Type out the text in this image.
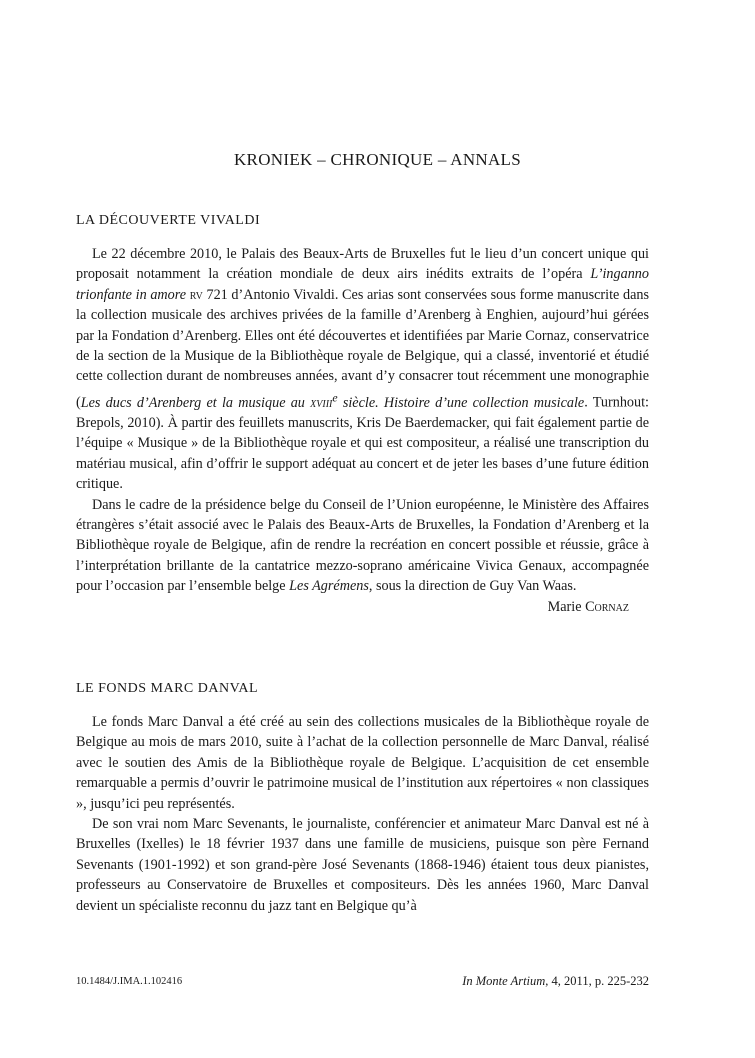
KRONIEK – CHRONIQUE – ANNALS
LA DÉCOUVERTE VIVALDI

Le 22 décembre 2010, le Palais des Beaux-Arts de Bruxelles fut le lieu d’un concert unique qui proposait notamment la création mondiale de deux airs inédits extraits de l’opéra L’inganno trionfante in amore rv 721 d’Antonio Vivaldi. Ces arias sont conservées sous forme manuscrite dans la collection musicale des archives privées de la famille d’Arenberg à Enghien, aujourd’hui gérées par la Fondation d’Arenberg. Elles ont été découvertes et identifiées par Marie Cornaz, conservatrice de la section de la Musique de la Bibliothèque royale de Belgique, qui a classé, inventorié et étudié cette collection durant de nombreuses années, avant d’y consacrer tout récemment une monographie (Les ducs d’Arenberg et la musique au xviii$^e$ siècle. Histoire d’une collection musicale. Turnhout: Brepols, 2010). À partir des feuillets manuscrits, Kris De Baerdemacker, qui fait également partie de l’équipe « Musique » de la Bibliothèque royale et qui est compositeur, a réalisé une transcription du matériau musical, afin d’offrir le support adéquat au concert et de jeter les bases d’une future édition critique.

Dans le cadre de la présidence belge du Conseil de l’Union européenne, le Ministère des Affaires étrangères s’était associé avec le Palais des Beaux-Arts de Bruxelles, la Fondation d’Arenberg et la Bibliothèque royale de Belgique, afin de rendre la recréation en concert possible et réussie, grâce à l’interprétation brillante de la cantatrice mezzo-soprano américaine Vivica Genaux, accompagnée pour l’occasion par l’ensemble belge Les Agrémens, sous la direction de Guy Van Waas.

Marie Cornaz

LE FONDS MARC DANVAL

Le fonds Marc Danval a été créé au sein des collections musicales de la Bibliothèque royale de Belgique au mois de mars 2010, suite à l’achat de la collection personnelle de Marc Danval, réalisé avec le soutien des Amis de la Bibliothèque royale de Belgique. L’acquisition de cet ensemble remarquable a permis d’ouvrir le patrimoine musical de l’institution aux répertoires « non classiques », jusqu’ici peu représentés.

De son vrai nom Marc Sevenants, le journaliste, conférencier et animateur Marc Danval est né à Bruxelles (Ixelles) le 18 février 1937 dans une famille de musiciens, puisque son père Fernand Sevenants (1901-1992) et son grand-père José Sevenants (1868-1946) étaient tous deux pianistes, professeurs au Conservatoire de Bruxelles et compositeurs. Dès les années 1960, Marc Danval devient un spécialiste reconnu du jazz tant en Belgique qu’à

10.1484/J.IMA.1.102416	In Monte Artium, 4, 2011, p. 225-232
